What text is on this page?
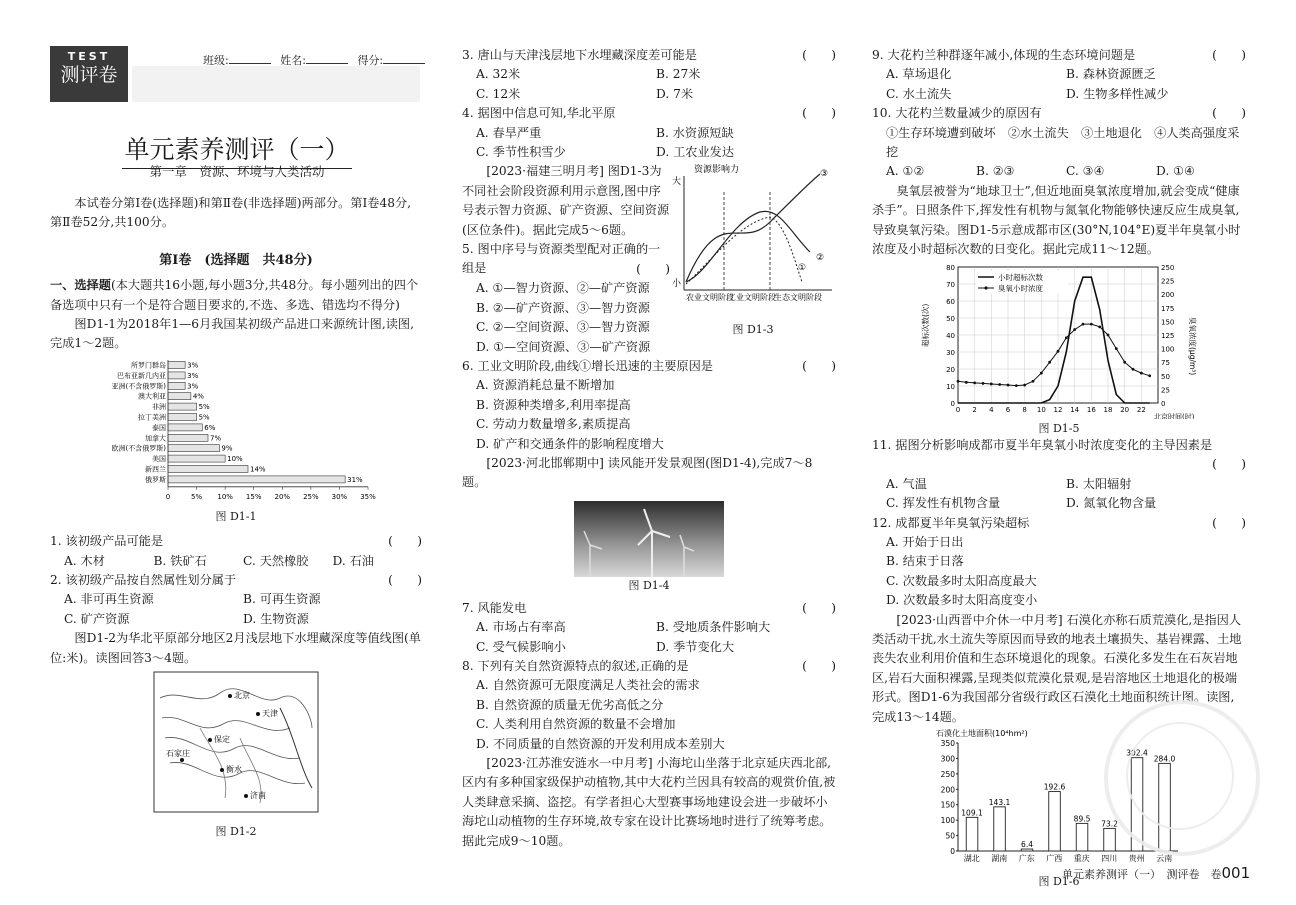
TEST
测评卷
班级:	姓名:	得分:
单元素养测评（一）
第一章　资源、环境与人类活动

本试卷分第Ⅰ卷(选择题)和第Ⅱ卷(非选择题)两部分。第Ⅰ卷48分,第Ⅱ卷52分,共100分。

第Ⅰ卷　(选择题　共48分)

一、选择题(本大题共16小题,每小题3分,共48分。每小题列出的四个备选项中只有一个是符合题目要求的,不选、多选、错选均不得分)

图D1-1为2018年1—6月我国某初级产品进口来源统计图,读图,完成1～2题。

所罗门群岛	3%
巴布亚新几内亚	3%
亚洲(不含俄罗斯)	3%
澳大利亚	4%
非洲	5%
拉丁美洲	5%
泰国	6%
加拿大	7%
欧洲(不含俄罗斯)	9%
美国	10%
新西兰	14%
俄罗斯	31%
0	5% 10% 15% 20% 25% 30% 35%
图 D1-1
1. 该初级产品可能是	(　　)
A. 木材	B. 铁矿石	C. 天然橡胶	D. 石油
2. 该初级产品按自然属性划分属于	(　　)
A. 非可再生资源	B. 可再生资源
C. 矿产资源	D. 生物资源

图D1-2为华北平原部分地区2月浅层地下水埋藏深度等值线图(单位:米)。读图回答3～4题。

北京
天津
保定
石家庄
衡水
济南
图 D1-2
3. 唐山与天津浅层地下水埋藏深度差可能是	(　　)
A. 32米	B. 27米
C. 12米	D. 7米
4. 据图中信息可知,华北平原	(　　)
A. 春旱严重	B. 水资源短缺
C. 季节性积雪少	D. 工农业发达

[2023·福建三明月考] 图D1-3为不同社会阶段资源利用示意图,图中序号表示智力资源、矿产资源、空间资源(区位条件)。据此完成5～6题。

5. 图中序号与资源类型配对正确的一组是	(　　)
A. ①—智力资源、②—矿产资源
B. ②—矿产资源、③—智力资源
C. ②—空间资源、③—智力资源
D. ①—空间资源、③—矿产资源
资源影响力
大
小
①
②
③
农业文明阶段
工业文明阶段
生态文明阶段
图 D1-3
6. 工业文明阶段,曲线①增长迅速的主要原因是	(　　)
A. 资源消耗总量不断增加
B. 资源种类增多,利用率提高
C. 劳动力数量增多,素质提高
D. 矿产和交通条件的影响程度增大

[2023·河北邯郸期中] 读风能开发景观图(图D1-4),完成7～8题。

图 D1-4
7. 风能发电	(　　)
A. 市场占有率高	B. 受地质条件影响大
C. 受气候影响小	D. 季节变化大
8. 下列有关自然资源特点的叙述,正确的是	(　　)
A. 自然资源可无限度满足人类社会的需求
B. 自然资源的质量无优劣高低之分
C. 人类利用自然资源的数量不会增加
D. 不同质量的自然资源的开发利用成本差别大

[2023·江苏淮安涟水一中月考] 小海坨山坐落于北京延庆西北部,区内有多种国家级保护动植物,其中大花杓兰因具有较高的观赏价值,被人类肆意采摘、盗挖。有学者担心大型赛事场地建设会进一步破坏小海坨山动植物的生存环境,故专家在设计比赛场地时进行了统筹考虑。据此完成9～10题。

9. 大花杓兰种群逐年减小,体现的生态环境问题是	(　　)
A. 草场退化	B. 森林资源匮乏
C. 水土流失	D. 生物多样性减少
10. 大花杓兰数量减少的原因有	(　　)

①生存环境遭到破坏　②水土流失　③土地退化　④人类高强度采挖

A. ①②	B. ②③	C. ③④	D. ①④

臭氧层被誉为“地球卫士”,但近地面臭氧浓度增加,就会变成“健康杀手”。日照条件下,挥发性有机物与氮氧化物能够快速反应生成臭氧,导致臭氧污染。图D1-5示意成都市区(30°N,104°E)夏半年臭氧小时浓度及小时超标次数的日变化。据此完成11～12题。

小时超标次数
臭氧小时浓度
0
10
20
30
40
50
60
70
80
0
25
50
75
100
125
150
175
200
225
250
0 2 4 6 8 10 12 14 16 18 20 22
超标次数(次)	臭氧浓度(μg/m³)
北京时间(时)
图 D1-5
11. 据图分析影响成都市夏半年臭氧小时浓度变化的主导因素是
(　　)
A. 气温	B. 太阳辐射
C. 挥发性有机物含量	D. 氮氧化物含量
12. 成都夏半年臭氧污染超标	(　　)
A. 开始于日出
B. 结束于日落
C. 次数最多时太阳高度最大
D. 次数最多时太阳高度变小

[2023·山西晋中介休一中月考] 石漠化亦称石质荒漠化,是指因人类活动干扰,水土流失等原因而导致的地表土壤损失、基岩裸露、土地丧失农业利用价值和生态环境退化的现象。石漠化多发生在石灰岩地区,岩石大面积裸露,呈现类似荒漠化景观,是岩溶地区土地退化的极端形式。图D1-6为我国部分省级行政区石漠化土地面积统计图。读图,完成13～14题。

石漠化土地面积(10⁴hm²)
0
50
100
150
200
250
300
350
109.1
湖北
143.1
湖南
6.4
广东
192.6
广西
89.5
重庆
73.2
四川
302.4
贵州
284.0
云南
图 D1-6
单元素养测评（一）　测评卷　卷001
